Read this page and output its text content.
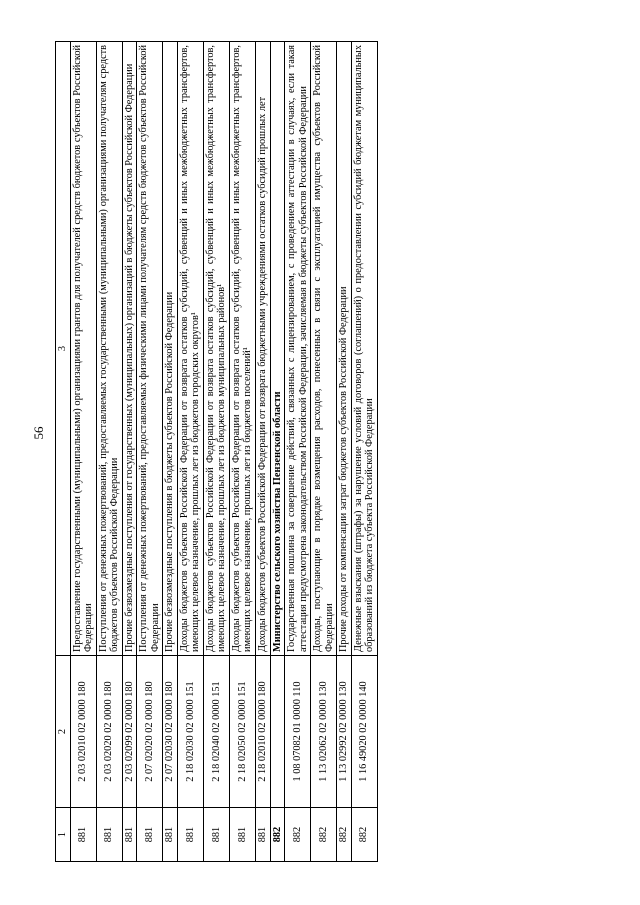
56
1	2	3
881	2 03 02010 02 0000 180	Предоставление государственными (муниципальными) организациями грантов для получателей средств бюджетов субъектов Российской Федерации
881	2 03 02020 02 0000 180	Поступления от денежных пожертвований, предоставляемых государственными (муниципальными) организациями получателям средств бюджетов субъектов Российской Федерации
881	2 03 02099 02 0000 180	Прочие безвозмездные поступления от государственных (муниципальных) организаций в бюджеты субъектов Российской Федерации
881	2 07 02020 02 0000 180	Поступления от денежных пожертвований, предоставляемых физическими лицами получателям средств бюджетов субъектов Российской Федерации
881	2 07 02030 02 0000 180	Прочие безвозмездные поступления в бюджеты субъектов Российской Федерации
881	2 18 02030 02 0000 151	Доходы бюджетов субъектов Российской Федерации от возврата остатков субсидий, субвенций и иных межбюджетных трансфертов, имеющих целевое назначение, прошлых лет из бюджетов городских округов¹
881	2 18 02040 02 0000 151	Доходы бюджетов субъектов Российской Федерации от возврата остатков субсидий, субвенций и иных межбюджетных трансфертов, имеющих целевое назначение, прошлых лет из бюджетов муниципальных районов¹
881	2 18 02050 02 0000 151	Доходы бюджетов субъектов Российской Федерации от возврата остатков субсидий, субвенций и иных межбюджетных трансфертов, имеющих целевое назначение, прошлых лет из бюджетов поселений¹
881	2 18 02010 02 0000 180	Доходы бюджетов субъектов Российской Федерации от возврата бюджетными учреждениями остатков субсидий прошлых лет
882		Министерство сельского хозяйства Пензенской области
882	1 08 07082 01 0000 110	Государственная пошлина за совершение действий, связанных с лицензированием, с проведением аттестации в случаях, если такая аттестация предусмотрена законодательством Российской Федерации, зачисляемая в бюджеты субъектов Российской Федерации
882	1 13 02062 02 0000 130	Доходы, поступающие в порядке возмещения расходов, понесенных в связи с эксплуатацией имущества субъектов Российской Федерации
882	1 13 02992 02 0000 130	Прочие доходы от компенсации затрат бюджетов субъектов Российской Федерации
882	1 16 49020 02 0000 140	Денежные взыскания (штрафы) за нарушение условий договоров (соглашений) о предоставлении субсидий бюджетам муниципальных образований из бюджета субъекта Российской Федерации
